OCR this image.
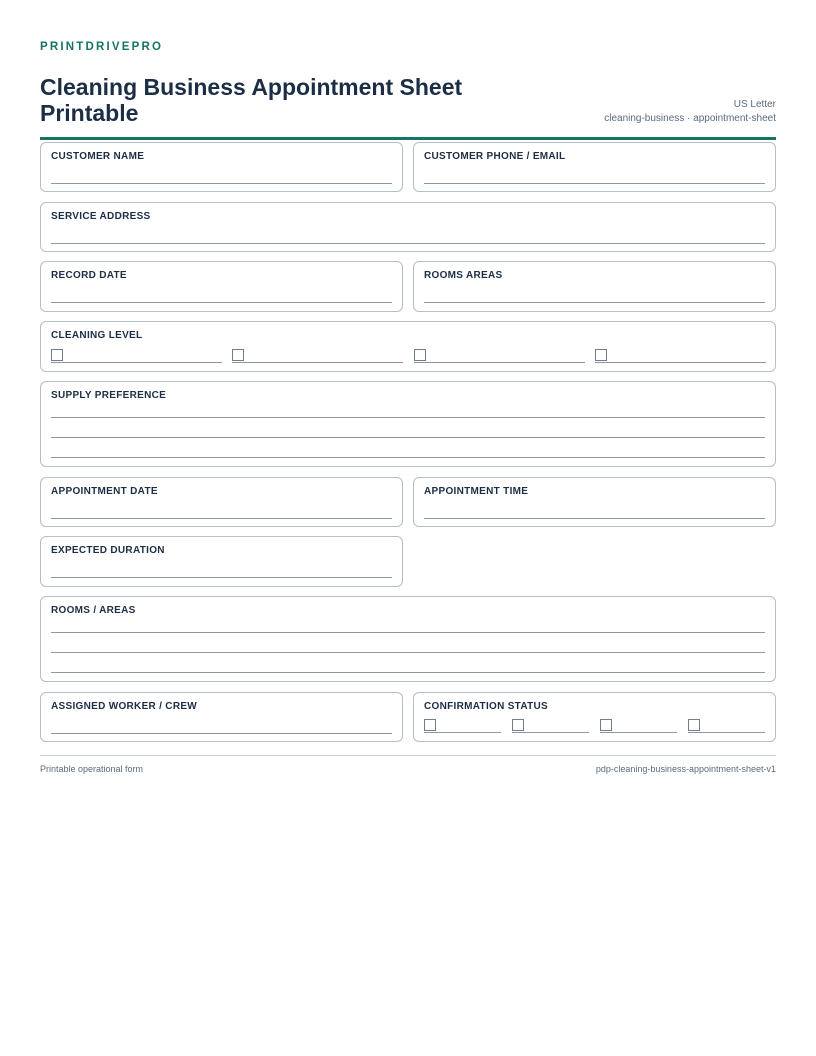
PRINTDRIVEPRO
Cleaning Business Appointment Sheet Printable	US Letter
cleaning-business · appointment-sheet
CUSTOMER NAME	CUSTOMER PHONE / EMAIL
SERVICE ADDRESS
RECORD DATE	ROOMS AREAS
CLEANING LEVEL
SUPPLY PREFERENCE
APPOINTMENT DATE	APPOINTMENT TIME
EXPECTED DURATION
ROOMS / AREAS
ASSIGNED WORKER / CREW	CONFIRMATION STATUS
Printable operational form	pdp-cleaning-business-appointment-sheet-v1
